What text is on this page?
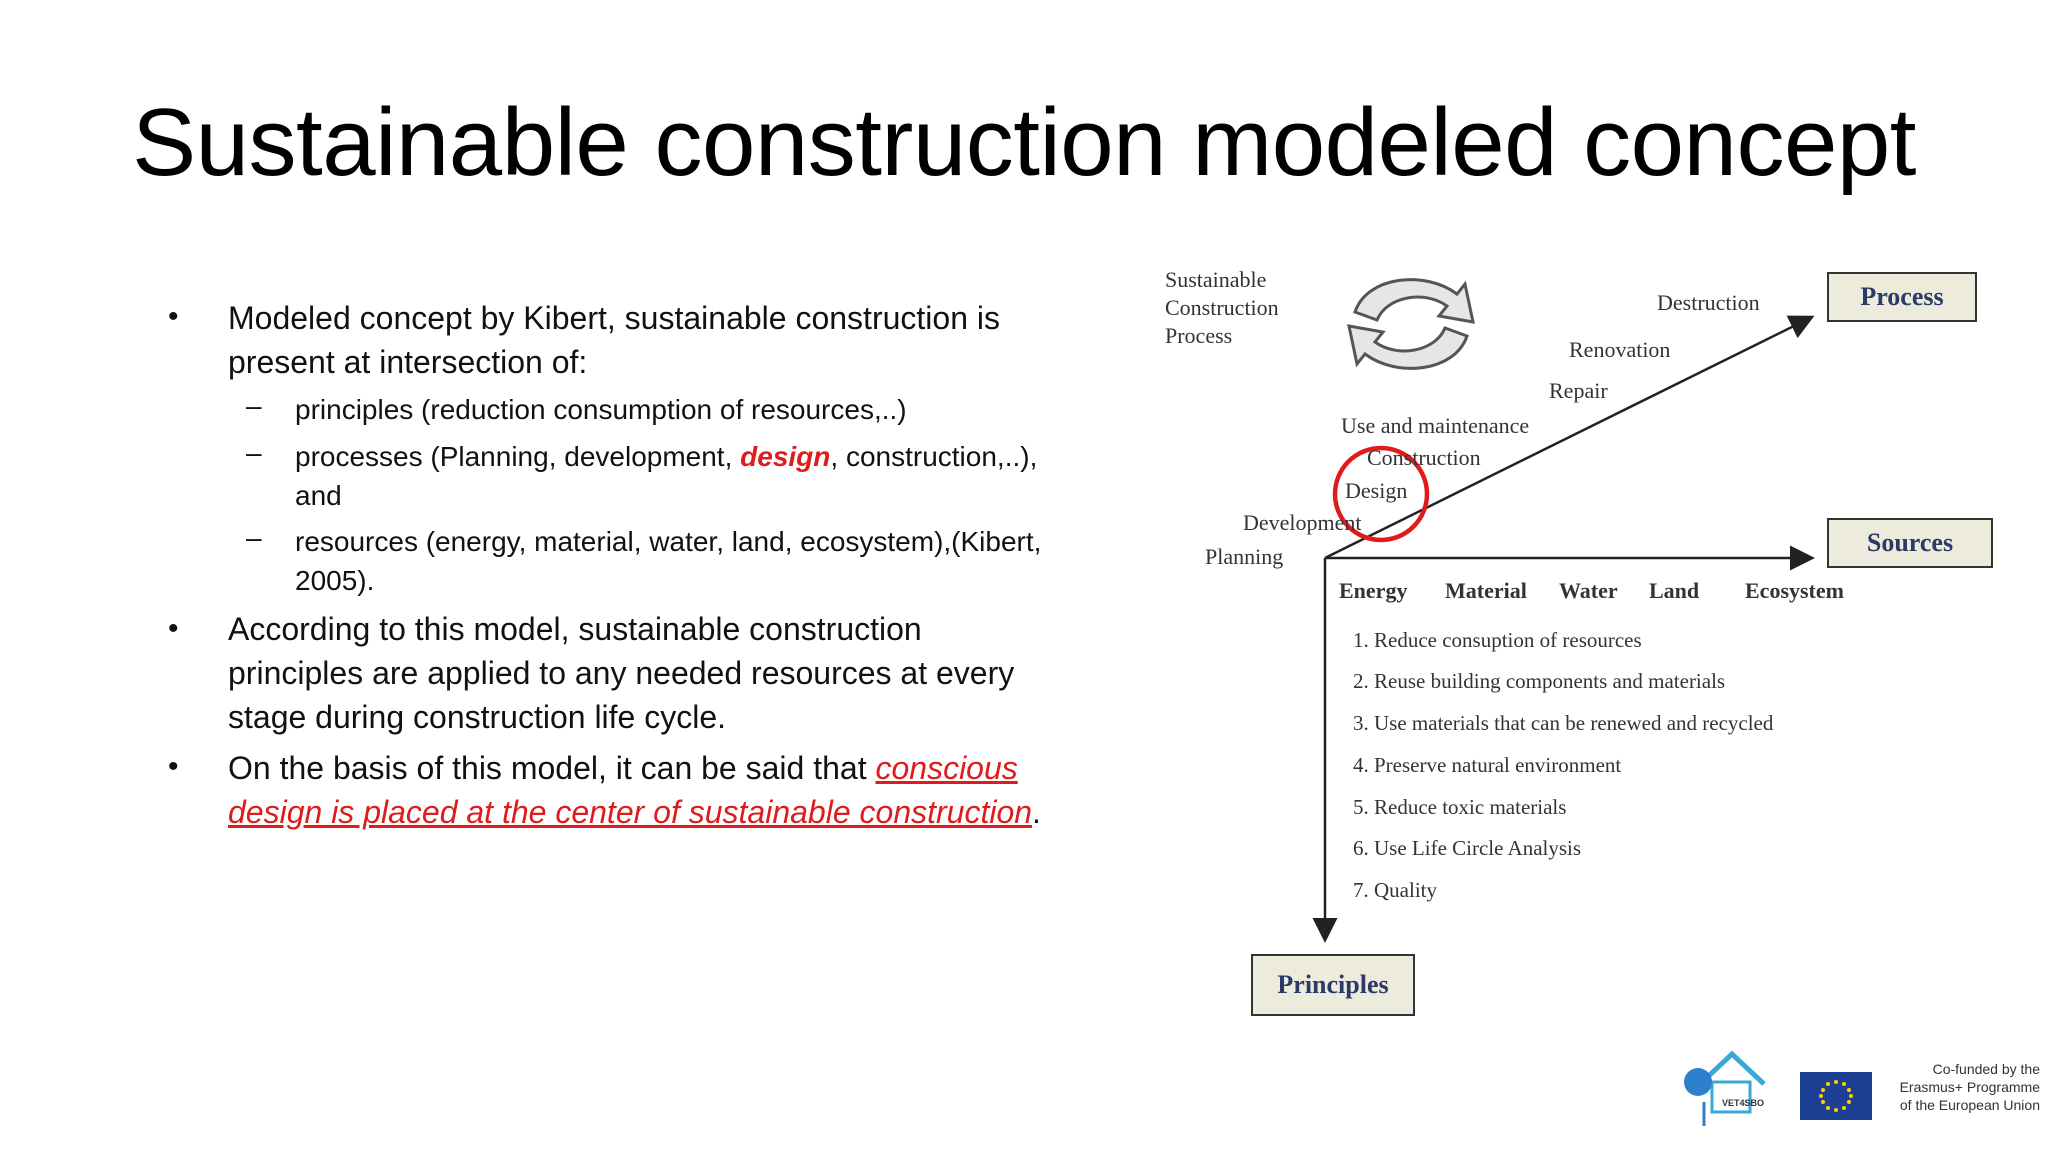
Sustainable construction modeled concept
• Modeled concept by Kibert, sustainable construction is
present at intersection of:
– principles (reduction consumption of resources,..)
– processes (Planning, development, design, construction,..),
and
– resources (energy, material, water, land, ecosystem),(Kibert,
2005).
• According to this model, sustainable construction
principles are applied to any needed resources at every
stage during construction life cycle.
• On the basis of this model, it can be said that conscious
design is placed at the center of sustainable construction.
Sustainable
Construction
Process
Process
Sources
Principles
Planning
Development
Design
Construction
Use and maintenance
Repair
Renovation
Destruction
Energy Material Water Land Ecosystem
1. Reduce consuption of resources
2. Reuse building components and materials
3. Use materials that can be renewed and recycled
4. Preserve natural environment
5. Reduce toxic materials
6. Use Life Circle Analysis
7. Quality
VET4SBO
Co-funded by the
Erasmus+ Programme
of the European Union
